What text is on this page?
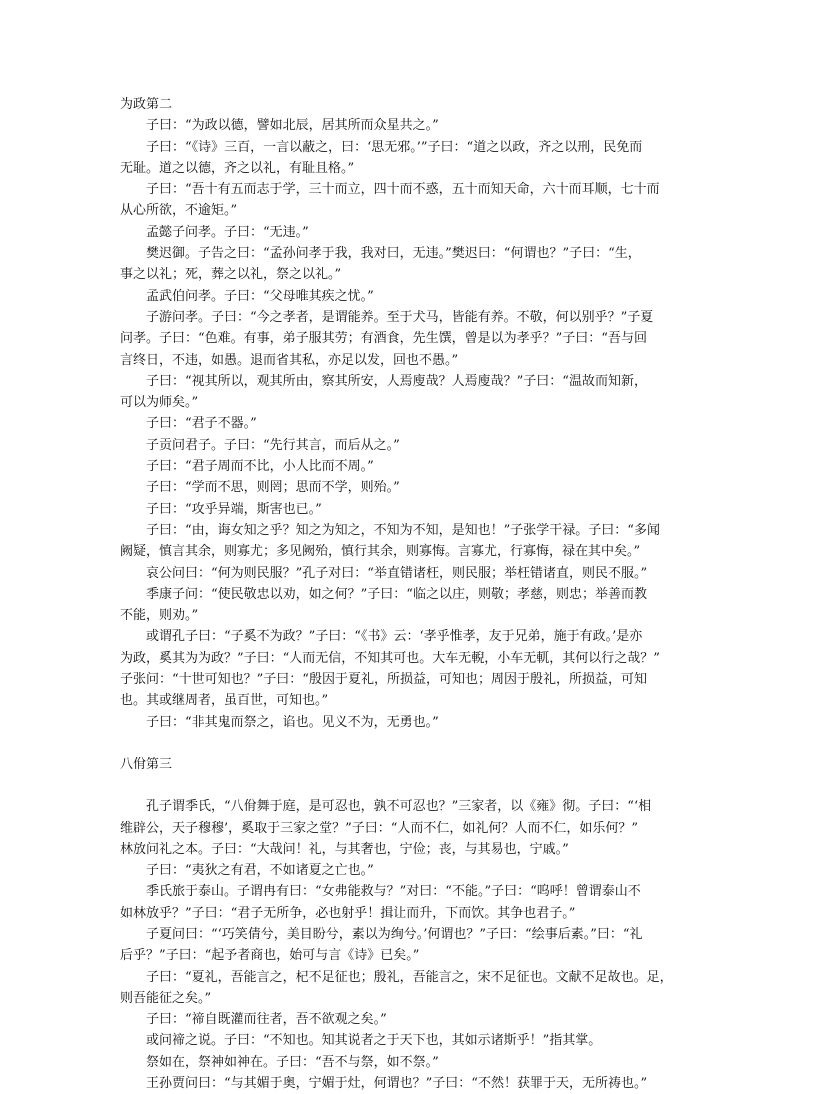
为政第二
子曰：“为政以德，譬如北辰，居其所而众星共之。”
子曰：“《诗》三百，一言以蔽之，曰：‘思无邪。’”子曰：“道之以政，齐之以刑，民免而
无耻。道之以德，齐之以礼，有耻且格。”
子曰：“吾十有五而志于学，三十而立，四十而不惑，五十而知天命，六十而耳顺，七十而
从心所欲，不逾矩。”
孟懿子问孝。子曰：“无违。”
樊迟御。子告之曰：“孟孙问孝于我，我对曰，无违。”樊迟曰：“何谓也？”子曰：“生，
事之以礼；死，葬之以礼，祭之以礼。”
孟武伯问孝。子曰：“父母唯其疾之忧。”
子游问孝。子曰：“今之孝者，是谓能养。至于犬马，皆能有养。不敬，何以别乎？”子夏
问孝。子曰：“色难。有事，弟子服其劳；有酒食，先生馔，曾是以为孝乎？”子曰：“吾与回
言终日，不违，如愚。退而省其私，亦足以发，回也不愚。”
子曰：“视其所以，观其所由，察其所安，人焉廋哉？人焉廋哉？”子曰：“温故而知新，
可以为师矣。”
子曰：“君子不器。”
子贡问君子。子曰：“先行其言，而后从之。”
子曰：“君子周而不比，小人比而不周。”
子曰：“学而不思，则罔；思而不学，则殆。”
子曰：“攻乎异端，斯害也已。”
子曰：“由，诲女知之乎？知之为知之，不知为不知，是知也！”子张学干禄。子曰：“多闻
阙疑，慎言其余，则寡尤；多见阙殆，慎行其余，则寡悔。言寡尤，行寡悔，禄在其中矣。”
哀公问曰：“何为则民服？”孔子对曰：“举直错诸枉，则民服；举枉错诸直，则民不服。”
季康子问：“使民敬忠以劝，如之何？”子曰：“临之以庄，则敬；孝慈，则忠；举善而教
不能，则劝。”
或谓孔子曰：“子奚不为政？”子曰：“《书》云：‘孝乎惟孝，友于兄弟，施于有政。’是亦
为政，奚其为为政？”子曰：“人而无信，不知其可也。大车无輗，小车无軏，其何以行之哉？”
子张问：“十世可知也？”子曰：“殷因于夏礼，所损益，可知也；周因于殷礼，所损益，可知
也。其或继周者，虽百世，可知也。”
子曰：“非其鬼而祭之，谄也。见义不为，无勇也。”
八佾第三
孔子谓季氏，“八佾舞于庭，是可忍也，孰不可忍也？”三家者，以《雍》彻。子曰：“‘相
维辟公，天子穆穆’，奚取于三家之堂？”子曰：“人而不仁，如礼何？人而不仁，如乐何？”
林放问礼之本。子曰：“大哉问！礼，与其奢也，宁俭；丧，与其易也，宁戚。”
子曰：“夷狄之有君，不如诸夏之亡也。”
季氏旅于泰山。子谓冉有曰：“女弗能救与？”对曰：“不能。”子曰：“呜呼！曾谓泰山不
如林放乎？”子曰：“君子无所争，必也射乎！揖让而升，下而饮。其争也君子。”
子夏问曰：“‘巧笑倩兮，美目盼兮，素以为绚兮。’何谓也？”子曰：“绘事后素。”曰：“礼
后乎？”子曰：“起予者商也，始可与言《诗》已矣。”
子曰：“夏礼，吾能言之，杞不足征也；殷礼，吾能言之，宋不足征也。文献不足故也。足，
则吾能征之矣。”
子曰：“禘自既灌而往者，吾不欲观之矣。”
或问禘之说。子曰：“不知也。知其说者之于天下也，其如示诸斯乎！”指其掌。
祭如在，祭神如神在。子曰：“吾不与祭，如不祭。”
王孙贾问曰：“与其媚于奥，宁媚于灶，何谓也？”子曰：“不然！获罪于天，无所祷也。”
